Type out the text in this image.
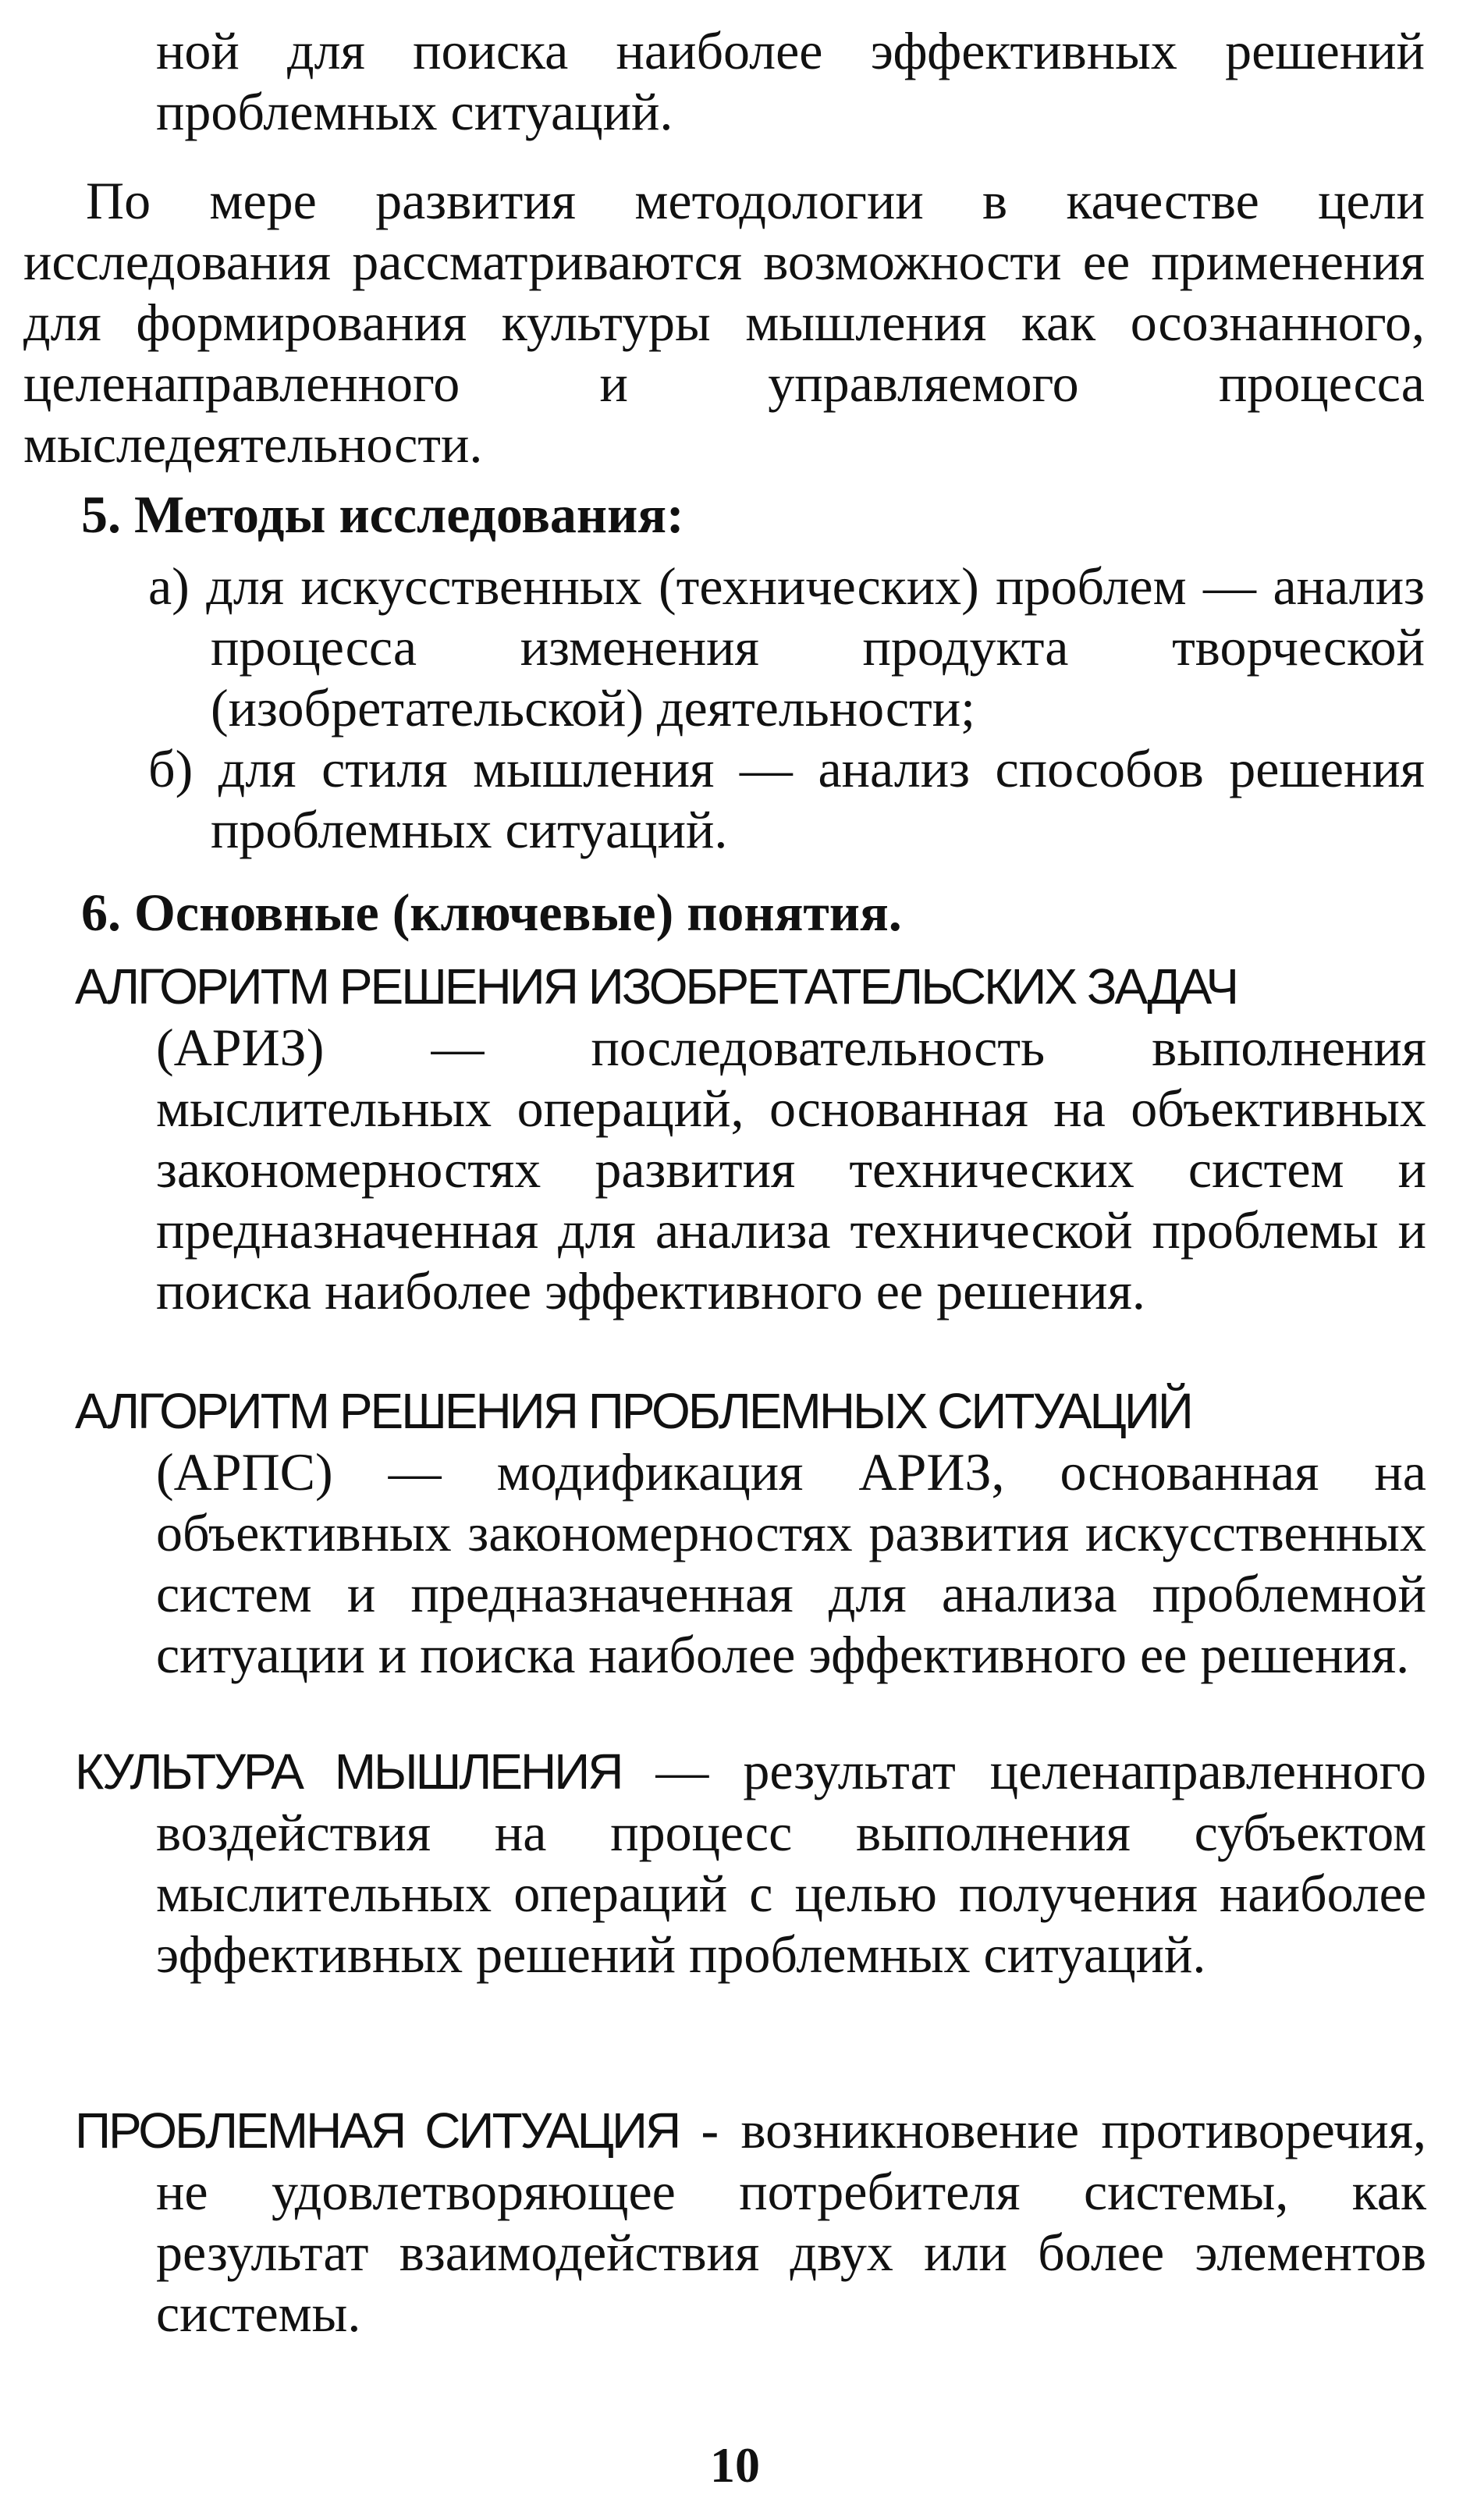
ной для поиска наиболее эффективных решений проблемных ситуаций.
По мере развития методологии в качестве цели исследования рассматриваются возможности ее применения для формирования культуры мышления как осознанного, целенаправленного и управляемого процесса мыследеятельности.
5. Методы исследования:
а) для искусственных (технических) проблем — анализ процесса изменения продукта творческой (изобретательской) деятельности;
б) для стиля мышления — анализ способов решения проблемных ситуаций.
6. Основные (ключевые) понятия.
АЛГОРИТМ РЕШЕНИЯ ИЗОБРЕТАТЕЛЬСКИХ ЗАДАЧ
(АРИЗ) — последовательность выполнения мыслительных операций, основанная на объективных закономерностях развития технических систем и предназначенная для анализа технической проблемы и поиска наиболее эффективного ее решения.
АЛГОРИТМ РЕШЕНИЯ ПРОБЛЕМНЫХ СИТУАЦИЙ
(АРПС) — модификация АРИЗ, основанная на объективных закономерностях развития искусственных систем и предназначенная для анализа проблемной ситуации и поиска наиболее эффективного ее решения.
КУЛЬТУРА МЫШЛЕНИЯ — результат целенаправленного воздействия на процесс выполнения субъектом мыслительных операций с целью получения наиболее эффективных решений проблемных ситуаций.
ПРОБЛЕМНАЯ СИТУАЦИЯ - возникновение противоречия, не удовлетворяющее потребителя системы, как результат взаимодействия двух или более элементов системы.
10
